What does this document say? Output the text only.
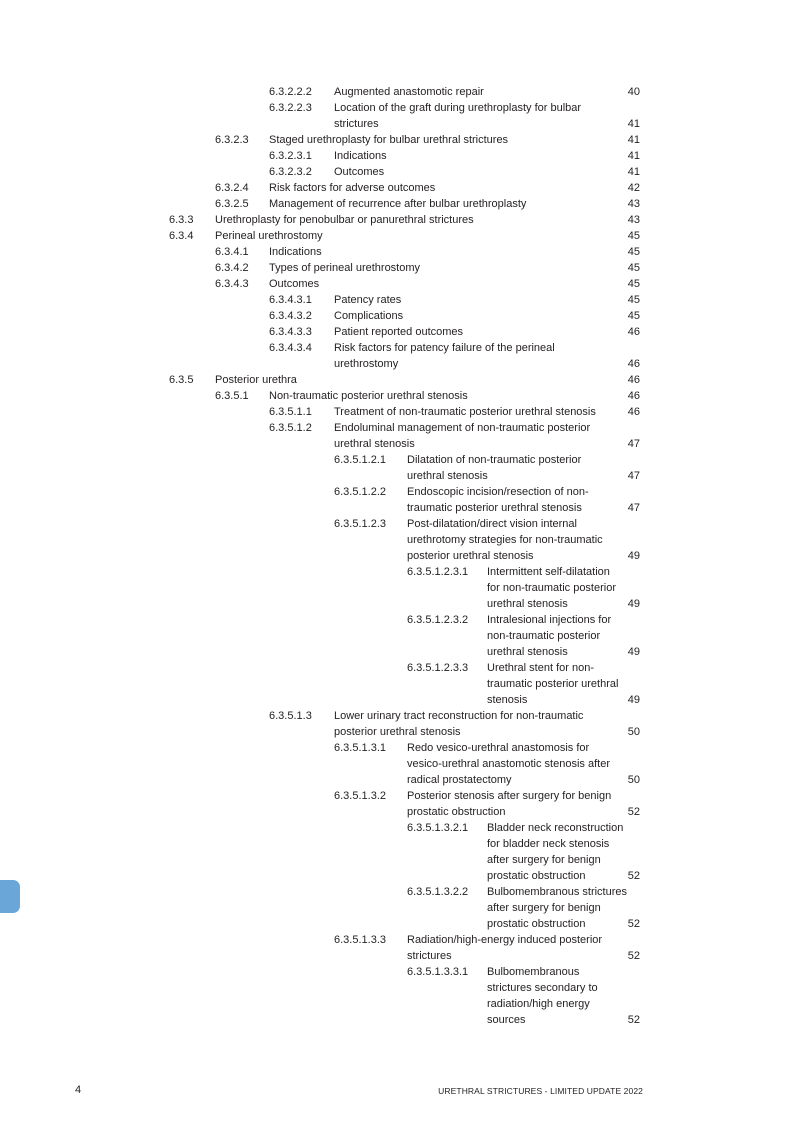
6.3.2.2.2 Augmented anastomotic repair	40
6.3.2.2.3 Location of the graft during urethroplasty for bulbar
strictures	41
6.3.2.3 Staged urethroplasty for bulbar urethral strictures	41
6.3.2.3.1 Indications	41
6.3.2.3.2 Outcomes	41
6.3.2.4 Risk factors for adverse outcomes	42
6.3.2.5 Management of recurrence after bulbar urethroplasty	43
6.3.3 Urethroplasty for penobulbar or panurethral strictures	43
6.3.4 Perineal urethrostomy	45
6.3.4.1 Indications	45
6.3.4.2 Types of perineal urethrostomy	45
6.3.4.3 Outcomes	45
6.3.4.3.1 Patency rates	45
6.3.4.3.2 Complications	45
6.3.4.3.3 Patient reported outcomes	46
6.3.4.3.4 Risk factors for patency failure of the perineal
urethrostomy	46
6.3.5 Posterior urethra	46
6.3.5.1 Non-traumatic posterior urethral stenosis	46
6.3.5.1.1 Treatment of non-traumatic posterior urethral stenosis	46
6.3.5.1.2 Endoluminal management of non-traumatic posterior
urethral stenosis	47
6.3.5.1.2.1 Dilatation of non-traumatic posterior
urethral stenosis	47
6.3.5.1.2.2 Endoscopic incision/resection of non-
traumatic posterior urethral stenosis	47
6.3.5.1.2.3 Post-dilatation/direct vision internal
urethrotomy strategies for non-traumatic
posterior urethral stenosis	49
6.3.5.1.2.3.1 Intermittent self-dilatation
for non-traumatic posterior
urethral stenosis	49
6.3.5.1.2.3.2 Intralesional injections for
non-traumatic posterior
urethral stenosis	49
6.3.5.1.2.3.3 Urethral stent for non-
traumatic posterior urethral
stenosis	49
6.3.5.1.3 Lower urinary tract reconstruction for non-traumatic
posterior urethral stenosis	50
6.3.5.1.3.1 Redo vesico-urethral anastomosis for
vesico-urethral anastomotic stenosis after
radical prostatectomy	50
6.3.5.1.3.2 Posterior stenosis after surgery for benign
prostatic obstruction	52
6.3.5.1.3.2.1 Bladder neck reconstruction
for bladder neck stenosis
after surgery for benign
prostatic obstruction	52
6.3.5.1.3.2.2 Bulbomembranous strictures
after surgery for benign
prostatic obstruction	52
6.3.5.1.3.3 Radiation/high-energy induced posterior
strictures	52
6.3.5.1.3.3.1 Bulbomembranous
strictures secondary to
radiation/high energy
sources	52
4	URETHRAL STRICTURES - LIMITED UPDATE 2022
